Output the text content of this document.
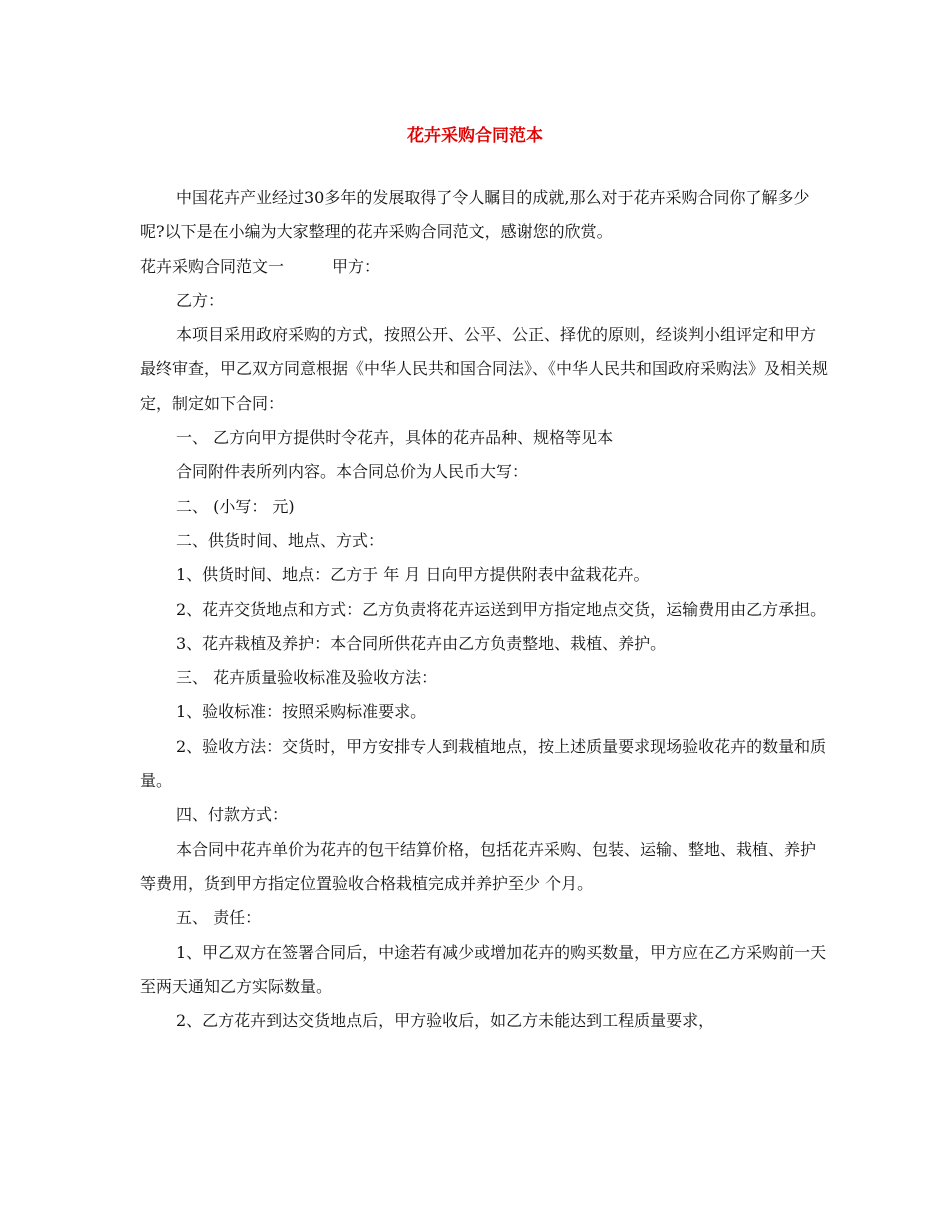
花卉采购合同范本

中国花卉产业经过30多年的发展取得了令人瞩目的成就,那么对于花卉采购合同你了解多少呢?以下是在小编为大家整理的花卉采购合同范文，感谢您的欣赏。

花卉采购合同范文一	甲方：

乙方：

本项目采用政府采购的方式，按照公开、公平、公正、择优的原则，经谈判小组评定和甲方最终审查，甲乙双方同意根据《中华人民共和国合同法》、《中华人民共和国政府采购法》及相关规定，制定如下合同：

一、 乙方向甲方提供时令花卉，具体的花卉品种、规格等见本

合同附件表所列内容。本合同总价为人民币大写：

二、 (小写： 元)

二、供货时间、地点、方式：

1、供货时间、地点：乙方于 年 月 日向甲方提供附表中盆栽花卉。

2、花卉交货地点和方式：乙方负责将花卉运送到甲方指定地点交货，运输费用由乙方承担。

3、花卉栽植及养护：本合同所供花卉由乙方负责整地、栽植、养护。

三、 花卉质量验收标准及验收方法：

1、验收标准：按照采购标准要求。

2、验收方法：交货时，甲方安排专人到栽植地点，按上述质量要求现场验收花卉的数量和质量。

四、付款方式：

本合同中花卉单价为花卉的包干结算价格，包括花卉采购、包装、运输、整地、栽植、养护等费用，货到甲方指定位置验收合格栽植完成并养护至少 个月。

五、 责任：

1、甲乙双方在签署合同后，中途若有减少或增加花卉的购买数量，甲方应在乙方采购前一天至两天通知乙方实际数量。

2、乙方花卉到达交货地点后，甲方验收后，如乙方未能达到工程质量要求，
